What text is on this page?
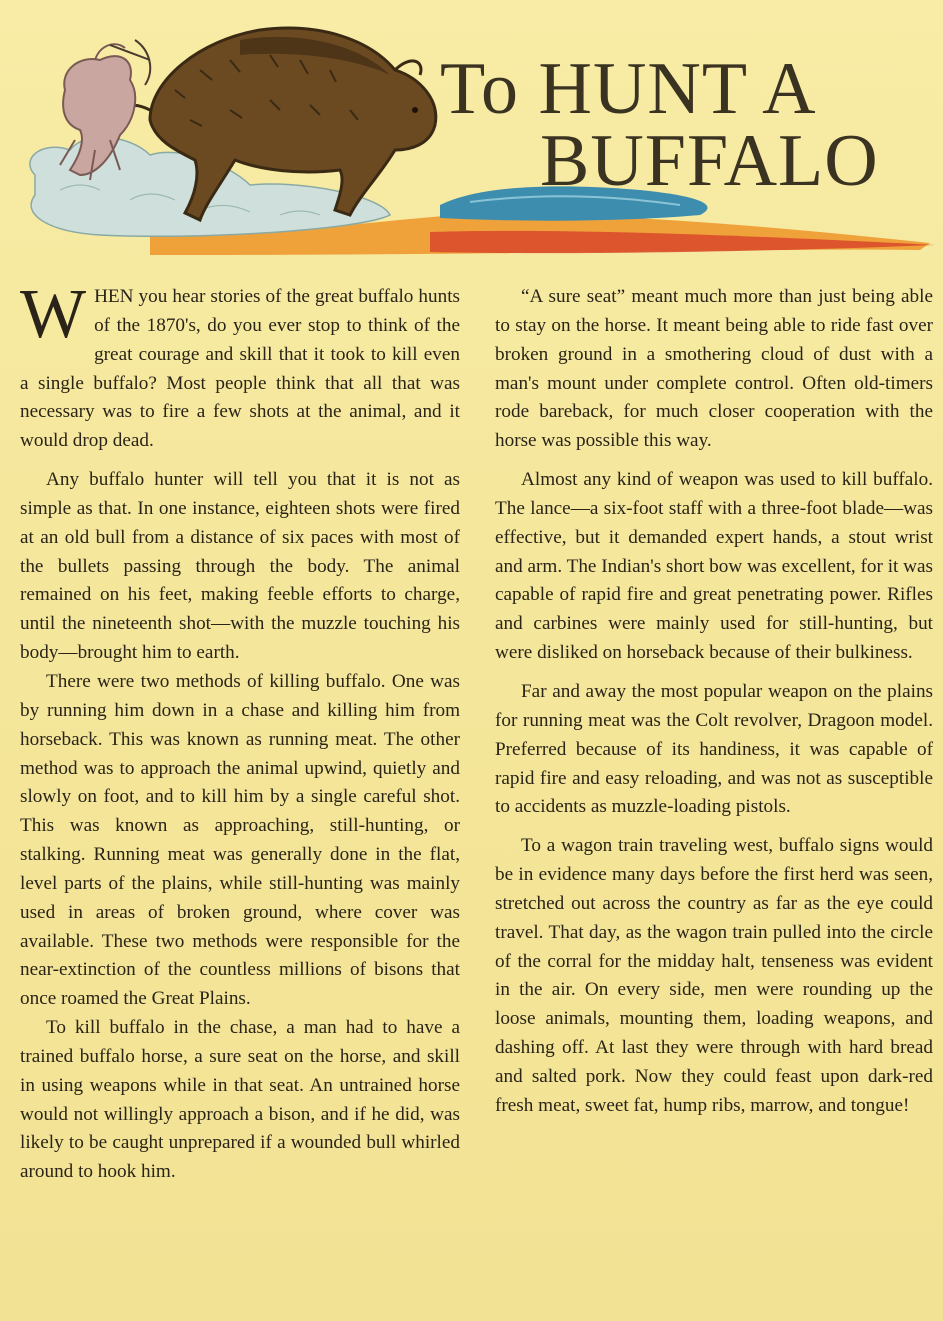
To HUNT A
BUFFALO

WHEN you hear stories of the great buffalo hunts of the 1870's, do you ever stop to think of the great courage and skill that it took to kill even a single buffalo? Most people think that all that was necessary was to fire a few shots at the animal, and it would drop dead.

Any buffalo hunter will tell you that it is not as simple as that. In one instance, eighteen shots were fired at an old bull from a distance of six paces with most of the bullets passing through the body. The animal remained on his feet, making feeble efforts to charge, until the nineteenth shot—with the muzzle touching his body—brought him to earth.

There were two methods of killing buffalo. One was by running him down in a chase and killing him from horseback. This was known as running meat. The other method was to approach the animal upwind, quietly and slowly on foot, and to kill him by a single careful shot. This was known as approaching, still-hunting, or stalking. Running meat was generally done in the flat, level parts of the plains, while still-hunting was mainly used in areas of broken ground, where cover was available. These two methods were responsible for the near-extinction of the countless millions of bisons that once roamed the Great Plains.

To kill buffalo in the chase, a man had to have a trained buffalo horse, a sure seat on the horse, and skill in using weapons while in that seat. An untrained horse would not willingly approach a bison, and if he did, was likely to be caught unprepared if a wounded bull whirled around to hook him.

“A sure seat” meant much more than just being able to stay on the horse. It meant being able to ride fast over broken ground in a smothering cloud of dust with a man's mount under complete control. Often old-timers rode bareback, for much closer cooperation with the horse was possible this way.

Almost any kind of weapon was used to kill buffalo. The lance—a six-foot staff with a three-foot blade—was effective, but it demanded expert hands, a stout wrist and arm. The Indian's short bow was excellent, for it was capable of rapid fire and great penetrating power. Rifles and carbines were mainly used for still-hunting, but were disliked on horseback because of their bulkiness.

Far and away the most popular weapon on the plains for running meat was the Colt revolver, Dragoon model. Preferred because of its handiness, it was capable of rapid fire and easy reloading, and was not as susceptible to accidents as muzzle-loading pistols.

To a wagon train traveling west, buffalo signs would be in evidence many days before the first herd was seen, stretched out across the country as far as the eye could travel. That day, as the wagon train pulled into the circle of the corral for the midday halt, tenseness was evident in the air. On every side, men were rounding up the loose animals, mounting them, loading weapons, and dashing off. At last they were through with hard bread and salted pork. Now they could feast upon dark-red fresh meat, sweet fat, hump ribs, marrow, and tongue!
